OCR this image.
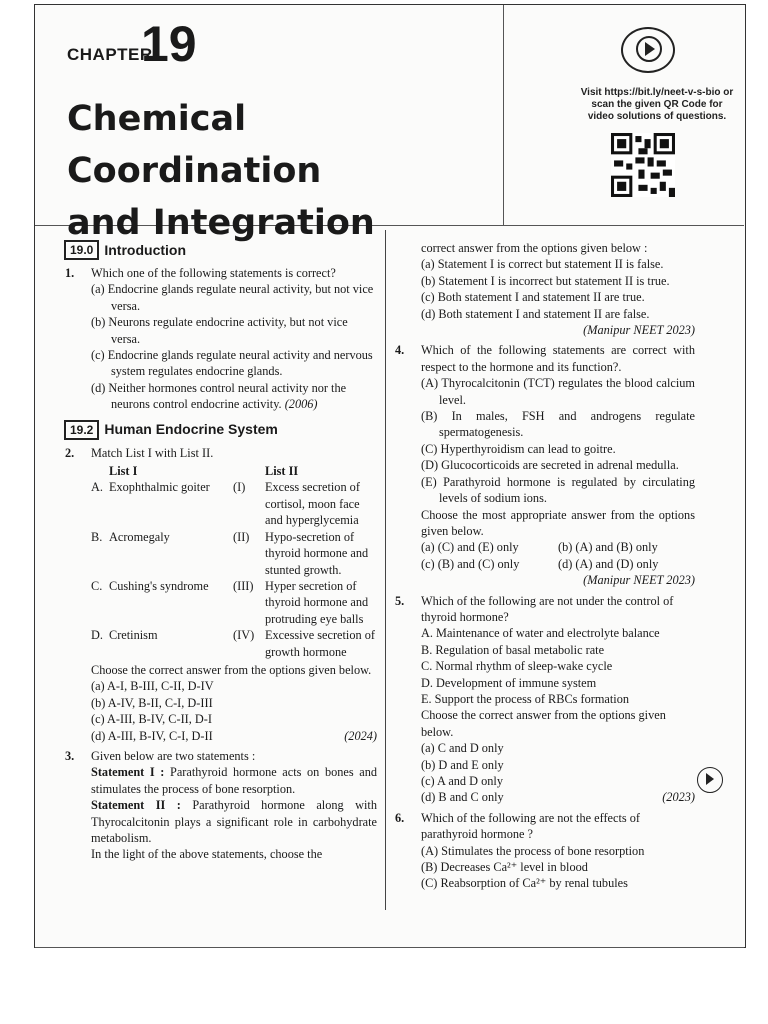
CHAPTER
19
Chemical Coordination
and Integration
Visit https://bit.ly/neet-v-s-bio or scan the given QR Code for video solutions of questions.
19.0 Introduction
1.	Which one of the following statements is correct?
(a) Endocrine glands regulate neural activity, but not vice versa.
(b) Neurons regulate endocrine activity, but not vice versa.
(c) Endocrine glands regulate neural activity and nervous system regulates endocrine glands.
(d) Neither hormones control neural activity nor the neurons control endocrine activity. (2006)
19.2 Human Endocrine System
2.	Match List I with List II.
List I	List II
A. Exophthalmic goiter	(I)	Excess secretion of cortisol, moon face and hyperglycemia
B. Acromegaly	(II)	Hypo-secretion of thyroid hormone and stunted growth.
C. Cushing's syndrome	(III) Hyper secretion of thyroid hormone and protruding eye balls
D. Cretinism	(IV) Excessive secretion of growth hormone
Choose the correct answer from the options given below.
(a) A-I, B-III, C-II, D-IV
(b) A-IV, B-II, C-I, D-III
(c) A-III, B-IV, C-II, D-I
(d) A-III, B-IV, C-I, D-II	(2024)
3.	Given below are two statements :
Statement I : Parathyroid hormone acts on bones and stimulates the process of bone resorption.
Statement II : Parathyroid hormone along with Thyrocalcitonin plays a significant role in carbohydrate metabolism.
In the light of the above statements, choose the
correct answer from the options given below :
(a) Statement I is correct but statement II is false.
(b) Statement I is incorrect but statement II is true.
(c) Both statement I and statement II are true.
(d) Both statement I and statement II are false.
(Manipur NEET 2023)
4.	Which of the following statements are correct with respect to the hormone and its function?.
(A) Thyrocalcitonin (TCT) regulates the blood calcium level.
(B) In males, FSH and androgens regulate spermatogenesis.
(C) Hyperthyroidism can lead to goitre.
(D) Glucocorticoids are secreted in adrenal medulla.
(E) Parathyroid hormone is regulated by circulating levels of sodium ions.
Choose the most appropriate answer from the options given below.
(a) (C) and (E) only	(b) (A) and (B) only
(c) (B) and (C) only	(d) (A) and (D) only
(Manipur NEET 2023)
5.	Which of the following are not under the control of thyroid hormone?
A. Maintenance of water and electrolyte balance
B. Regulation of basal metabolic rate
C. Normal rhythm of sleep-wake cycle
D. Development of immune system
E. Support the process of RBCs formation
Choose the correct answer from the options given below.
(a) C and D only
(b) D and E only
(c) A and D only
(d) B and C only	(2023)
6.	Which of the following are not the effects of parathyroid hormone ?
(A) Stimulates the process of bone resorption
(B) Decreases Ca²⁺ level in blood
(C) Reabsorption of Ca²⁺ by renal tubules
